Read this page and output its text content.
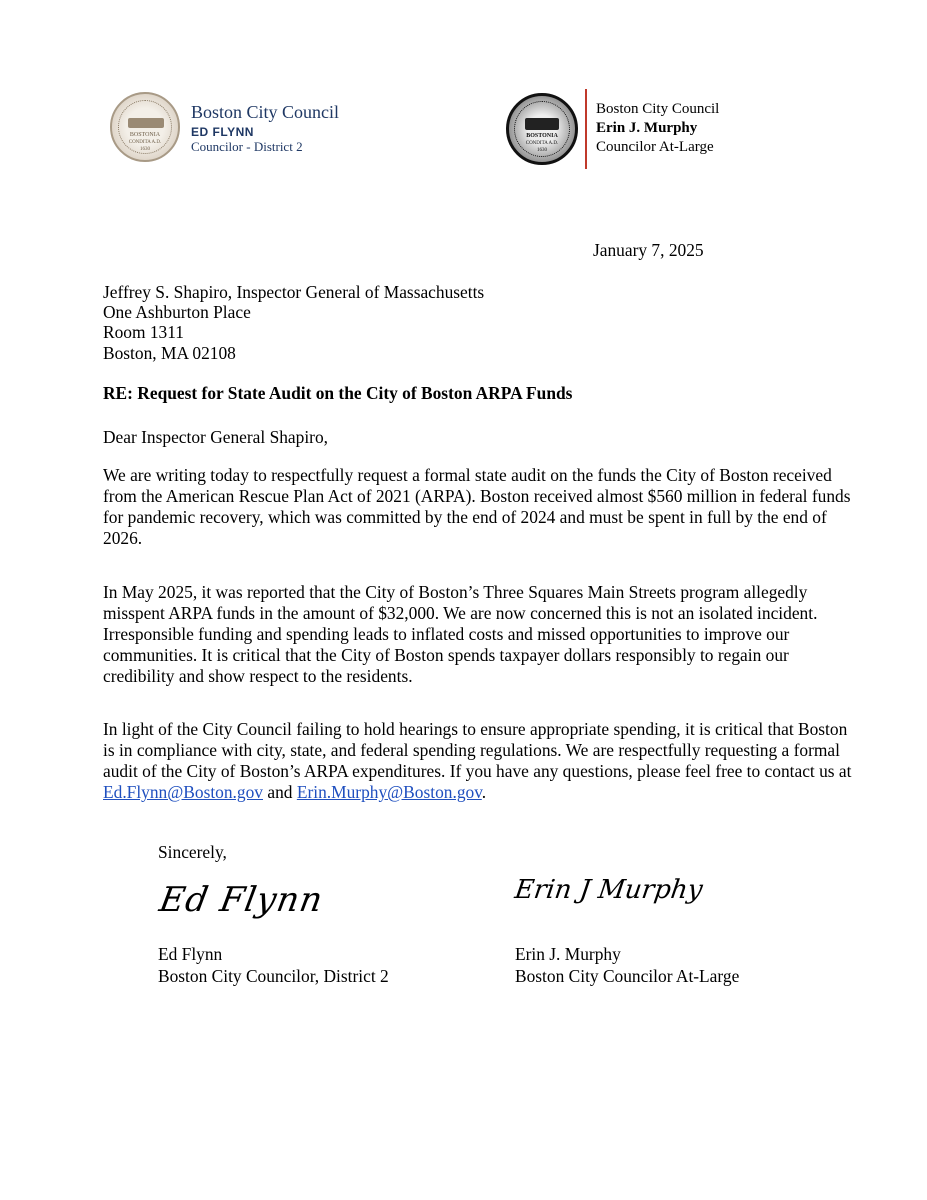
BOSTONIA
CONDITA A.D.
1630
Boston City Council
ED FLYNN
Councilor - District 2
BOSTONIA
CONDITA A.D.
1630
Boston City Council
Erin J. Murphy
Councilor At-Large
January 7, 2025
Jeffrey S. Shapiro, Inspector General of Massachusetts
One Ashburton Place
Room 1311
Boston, MA 02108
RE: Request for State Audit on the City of Boston ARPA Funds
Dear Inspector General Shapiro,
We are writing today to respectfully request a formal state audit on the funds the City of Boston received from the American Rescue Plan Act of 2021 (ARPA). Boston received almost $560 million in federal funds for pandemic recovery, which was committed by the end of 2024 and must be spent in full by the end of 2026.
In May 2025, it was reported that the City of Boston’s Three Squares Main Streets program allegedly misspent ARPA funds in the amount of $32,000. We are now concerned this is not an isolated incident. Irresponsible funding and spending leads to inflated costs and missed opportunities to improve our communities. It is critical that the City of Boston spends taxpayer dollars responsibly to regain our credibility and show respect to the residents.
In light of the City Council failing to hold hearings to ensure appropriate spending, it is critical that Boston is in compliance with city, state, and federal spending regulations. We are respectfully requesting a formal audit of the City of Boston’s ARPA expenditures. If you have any questions, please feel free to contact us at Ed.Flynn@Boston.gov and Erin.Murphy@Boston.gov.
Sincerely,
Ed Flynn	Erin J Murphy
Ed Flynn
Boston City Councilor, District 2
Erin J. Murphy
Boston City Councilor At-Large
